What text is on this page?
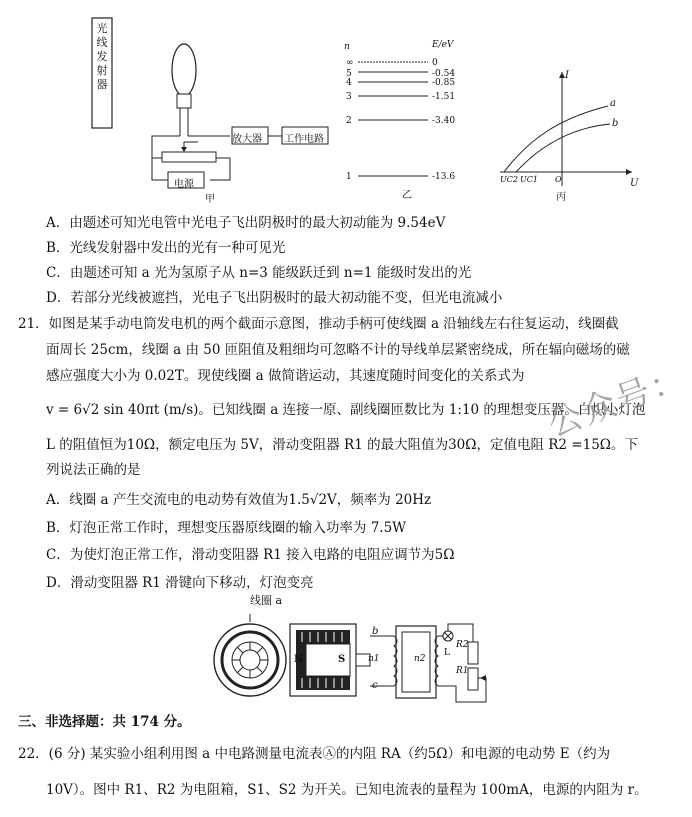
光线发射器
放大器 工作电路
电源
甲
n	E/eV
∞	0
5	-0.54
4	-0.85
3	-1.51
2	-3.40
1	-13.6
乙
I
U
a
b
UC2 UC1 O
丙
A．由题述可知光电管中光电子飞出阴极时的最大初动能为 9.54eV
B．光线发射器中发出的光有一种可见光
C．由题述可知 a 光为氢原子从 n=3 能级跃迁到 n=1 能级时发出的光
D．若部分光线被遮挡，光电子飞出阴极时的最大初动能不变，但光电流减小
21．如图是某手动电筒发电机的两个截面示意图，推动手柄可使线圈 a 沿轴线左右往复运动，线圈截
面周长 25cm，线圈 a 由 50 匝阻值及粗细均可忽略不计的导线单层紧密绕成，所在辐向磁场的磁
感应强度大小为 0.02T。现使线圈 a 做简谐运动，其速度随时间变化的关系式为
v = 6√2 sin 40πt (m/s)。已知线圈 a 连接一原、副线圈匝数比为 1:10 的理想变压器。白炽小灯泡
L 的阻值恒为10Ω，额定电压为 5V，滑动变阻器 R1 的最大阻值为30Ω，定值电阻 R2 =15Ω。下
列说法正确的是
A．线圈 a 产生交流电的电动势有效值为1.5√2V，频率为 20Hz
B．灯泡正常工作时，理想变压器原线圈的输入功率为 7.5W
C．为使灯泡正常工作，滑动变阻器 R1 接入电路的电阻应调节为5Ω
D．滑动变阻器 R1 滑键向下移动，灯泡变亮
线圈 a
N	S
b
c
n1	n2
L
R2
R1
三、非选择题：共 174 分。
22．(6 分) 某实验小组利用图 a 中电路测量电流表Ⓐ的内阻 RA（约5Ω）和电源的电动势 E（约为
10V）。图中 R1、R2 为电阻箱，S1、S2 为开关。已知电流表的量程为 100mA，电源的内阻为 r。
公众号：
